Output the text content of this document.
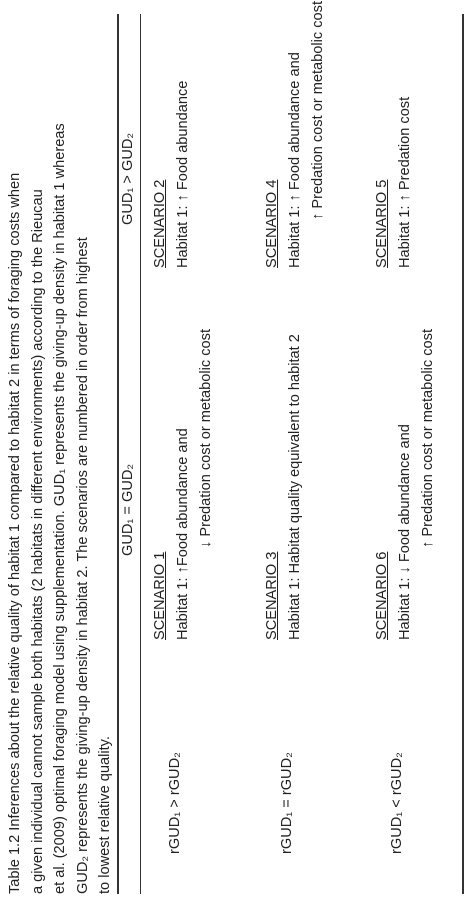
Table 1.2 Inferences about the relative quality of habitat 1 compared to habitat 2 in terms of foraging costs when a given individual cannot sample both habitats (2 habitats in different environments) according to the Rieucau et al. (2009) optimal foraging model using supplementation. GUD₁ represents the giving-up density in habitat 1 whereas GUD₂ represents the giving-up density in habitat 2. The scenarios are numbered in order from highest to lowest relative quality.
GUD₁ = GUD₂
GUD₁ > GUD₂
rGUD₁ > rGUD₂
SCENARIO 1 Habitat 1: ↑Food abundance and ↓ Predation cost or metabolic cost
SCENARIO 2 Habitat 1: ↑ Food abundance
rGUD₁ = rGUD₂
SCENARIO 3 Habitat 1: Habitat quality equivalent to habitat 2
SCENARIO 4 Habitat 1: ↑ Food abundance and ↑ Predation cost or metabolic cost
rGUD₁ < rGUD₂
SCENARIO 6 Habitat 1: ↓ Food abundance and ↑ Predation cost or metabolic cost
SCENARIO 5 Habitat 1: ↑ Predation cost
